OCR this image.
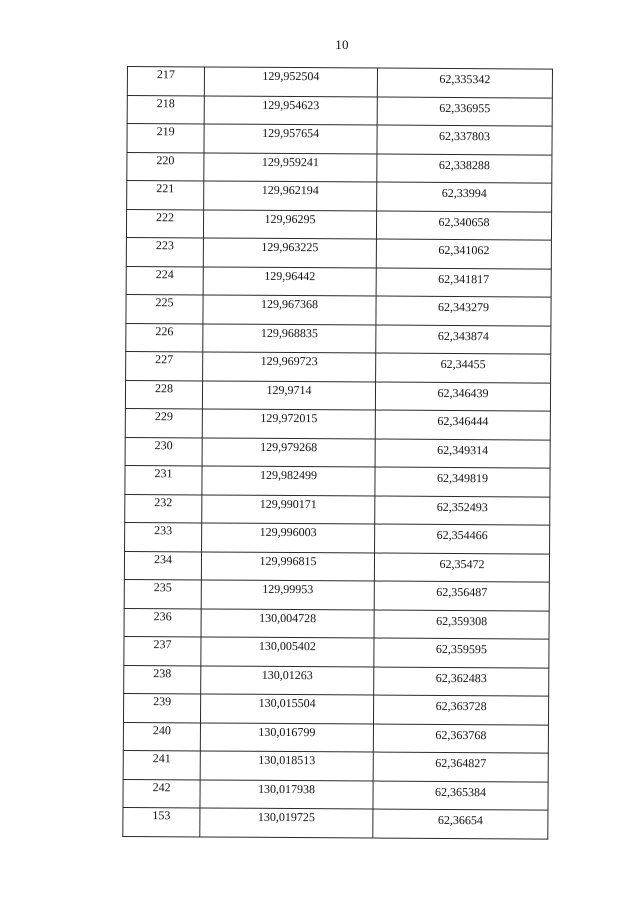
10
217	129,952504	62,335342
218	129,954623	62,336955
219	129,957654	62,337803
220	129,959241	62,338288
221	129,962194	62,33994
222	129,96295	62,340658
223	129,963225	62,341062
224	129,96442	62,341817
225	129,967368	62,343279
226	129,968835	62,343874
227	129,969723	62,34455
228	129,9714	62,346439
229	129,972015	62,346444
230	129,979268	62,349314
231	129,982499	62,349819
232	129,990171	62,352493
233	129,996003	62,354466
234	129,996815	62,35472
235	129,99953	62,356487
236	130,004728	62,359308
237	130,005402	62,359595
238	130,01263	62,362483
239	130,015504	62,363728
240	130,016799	62,363768
241	130,018513	62,364827
242	130,017938	62,365384
153	130,019725	62,36654
